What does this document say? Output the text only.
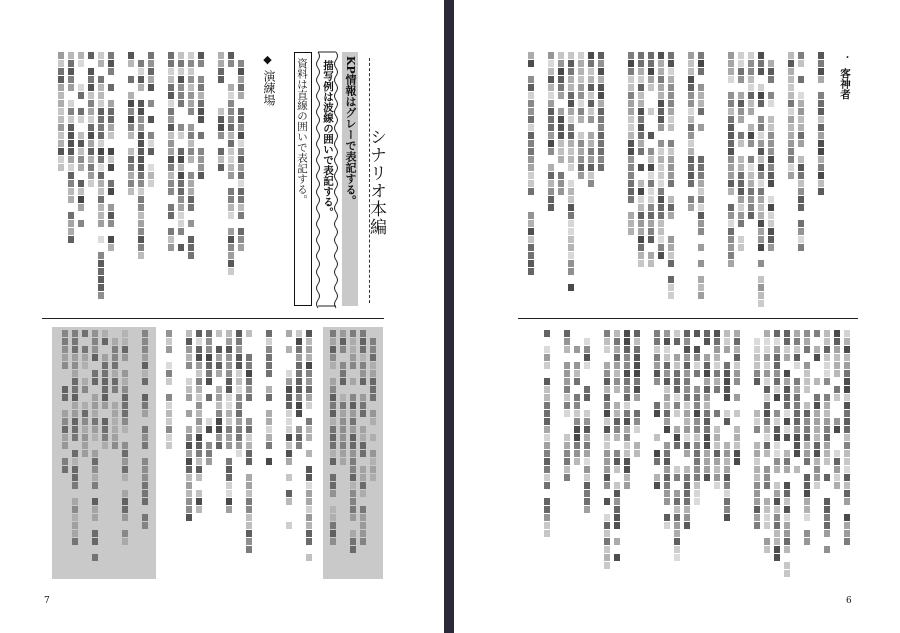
シナリオ本編
KP情報はグレーで表記する。
描写例は波線の囲いで表記する。
資料は直線の囲いで表記する。
◆
演練場
7
・
客神者
6
